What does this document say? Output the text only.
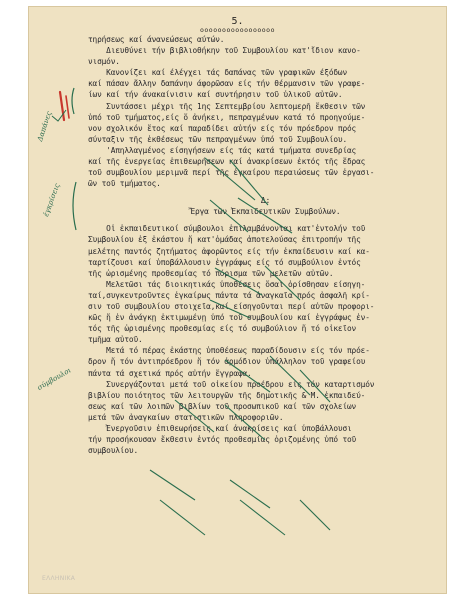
5.
ooooooooooooooooo
τηρήσεως καί άνανεώσεως αύτών.
Διευθύνει τήν βιβλιοθήκην τοῦ Συμβουλίου κατ'ἴδιον κανο-
νισμόν.
Κανονίζει καί έλέγχει τάς δαπάνας τῶν γραφικῶν έξόδων
καί πάσαν ἄλλην δαπάνην άφορῶσαν είς τήν θέρμανσιν τῶν γραφε-
ίων καί τήν άνακαίνισιν καί συντήρησιν τοῦ ὑλικοῦ αὐτῶν.
Συντάσσει μέχρι τῆς 1ης Σεπτεμβρίου λεπτομερῆ ἔκθεσιν τῶν
ὑπό τοῦ τμήματος,είς ὅ ἀνήκει, πεπραγμένων κατά τό προηγούμε-
νον σχολικόν ἔτος καί παραδίδει αὐτήν είς τόν πρόεδρον πρός
σύνταξιν τῆς ἐκθέσεως τῶν πεπραγμένων ὑπό τοῦ Συμβουλίου.
'Απηλλαγμένος είσηγήσεων είς τάς κατά τμήματα συνεδρίας
καί τῆς ἐνεργείας ἐπιθεωρήσεων καί ἀνακρίσεων ἐκτός τῆς ἕδρας
τοῦ συμβουλίου μεριμνᾶ περί τῆς ἐγκαίρου περαιώσεως τῶν ἐργασι-
ῶν τοῦ τμήματος.
Δ:
Ἔργα τῶν Ἐκπαιδευτικῶν Συμβούλων.
Οἱ ἐκπαιδευτικοί σύμβουλοι ἐπιλαμβάνονται κατ'ἐντολήν τοῦ
Συμβουλίου ἐξ ἑκάστου ἤ κατ'ὁμάδας ἀποτελούσας ἐπιτροπήν τῆς
μελέτης παντός ζητήματος ἀφορῶντος είς τήν ἐκπαίδευσιν καί κα-
ταρτίζουσι καί ὑποβάλλουσιν ἐγγράφως είς τό συμβούλιον ἐντός
τῆς ὡρισμένης προθεσμίας τό πόρισμα τῶν μελετῶν αὐτῶν.
Μελετῶσι τάς διοικητικάς ὑποθέσεις ὅσαι ὁρίσθησαν είσηγη-
ταί,συγκεντροῦντες ἐγκαίρως πάντα τά ἀναγκαῖα πρός ἀσφαλῆ κρί-
σιν τοῦ συμβουλίου στοιχεῖα,καί είσηγοῦνται περί αὐτῶν προφορι-
κῶς ἤ ἐν ἀνάγκῃ ἐκτιμωμένῃ ὑπό τοῦ συμβουλίου καί ἐγγράφως ἐν-
τός τῆς ὡρισμένης προθεσμίας είς τό συμβούλιον ἤ τό οἰκεῖον
τμῆμα αὐτοῦ.
Μετά τό πέρας ἑκάστης ὑποθέσεως παραδίδουσιν είς τόν πρόε-
δρον ἤ τόν ἀντιπρόεδρον ἤ τόν ἁρμόδιον ὑπάλληλον τοῦ γραφείου
πάντα τά σχετικά πρός αὐτήν ἔγγραφα.
Συνεργάζονται μετά τοῦ οἰκείου προέδρου είς τόν καταρτισμόν
βιβλίου ποιότητος τῶν λειτουργῶν τῆς δημοτικῆς & Μ. ἐκπαιδεύ-
σεως καί τῶν λοιπῶν βιβλίων τοῦ προσωπικοῦ καί τῶν σχολείων
μετά τῶν ἀναγκαίων στατιστικῶν πληροφοριῶν.
Ἐνεργοῦσιν ἐπιθεωρήσεις καί ἀνακρίσεις καί ὑποβάλλουσι
τήν προσήκουσαν ἔκθεσιν ἐντός προθεσμίας ὁριζομένης ὑπό τοῦ
συμβουλίου.
Δαπάνες
ἐγκρίσεις
σύμβουλοι
ΕΛΛΗΝΙΚΑ
